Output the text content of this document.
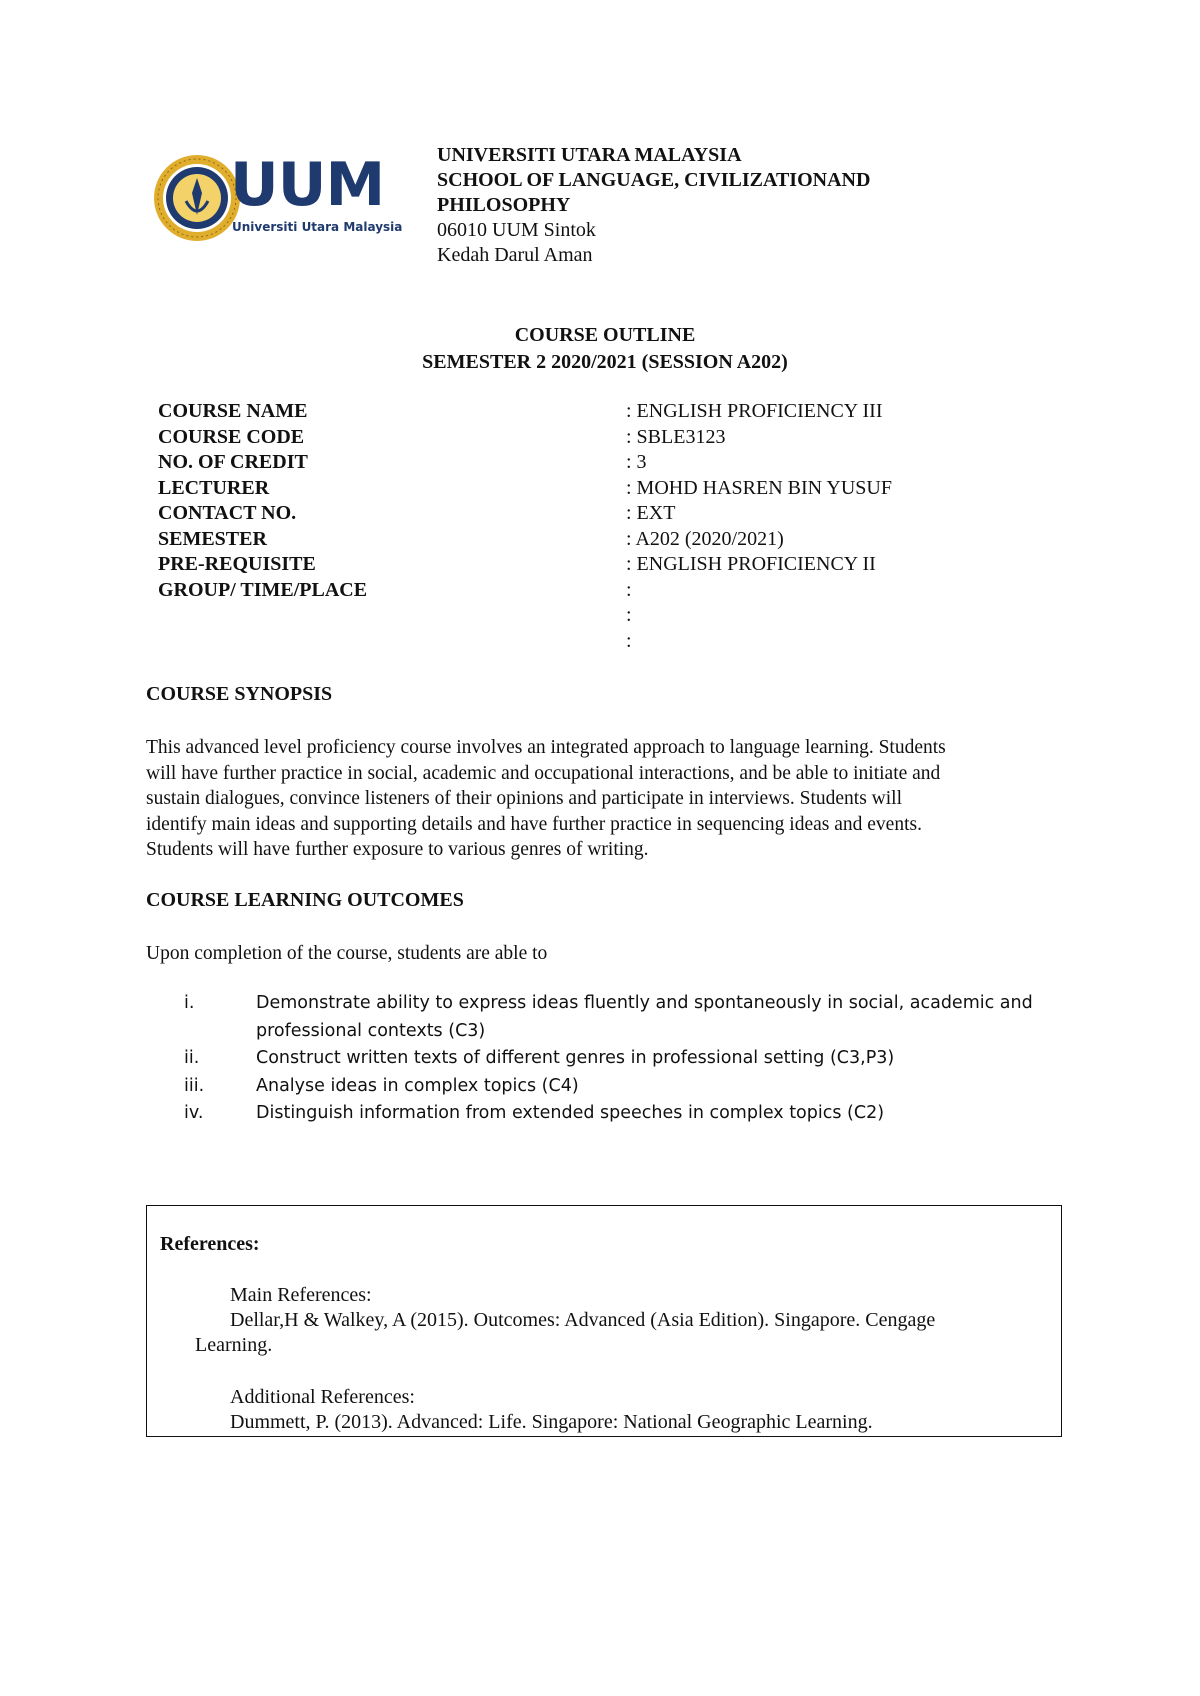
UUM
Universiti Utara Malaysia
UNIVERSITI UTARA MALAYSIA
SCHOOL OF LANGUAGE, CIVILIZATIONAND
PHILOSOPHY
06010 UUM Sintok
Kedah Darul Aman
COURSE OUTLINE
SEMESTER 2 2020/2021 (SESSION A202)
COURSE NAME	: ENGLISH PROFICIENCY III
COURSE CODE	: SBLE3123
NO. OF CREDIT	: 3
LECTURER	: MOHD HASREN BIN YUSUF
CONTACT NO.	: EXT
SEMESTER	: A202 (2020/2021)
PRE-REQUISITE	: ENGLISH PROFICIENCY II
GROUP/ TIME/PLACE	:
:
:
COURSE SYNOPSIS
This advanced level proficiency course involves an integrated approach to language learning. Students
will have further practice in social, academic and occupational interactions, and be able to initiate and
sustain dialogues, convince listeners of their opinions and participate in interviews. Students will
identify main ideas and supporting details and have further practice in sequencing ideas and events.
Students will have further exposure to various genres of writing.
COURSE LEARNING OUTCOMES
Upon completion of the course, students are able to
i.	Demonstrate ability to express ideas fluently and spontaneously in social, academic and
professional contexts (C3)
ii.	Construct written texts of different genres in professional setting (C3,P3)
iii.	Analyse ideas in complex topics (C4)
iv.	Distinguish information from extended speeches in complex topics (C2)
References:
Main References:
Dellar,H & Walkey, A (2015). Outcomes: Advanced (Asia Edition). Singapore. Cengage
Learning.
Additional References:
Dummett, P. (2013). Advanced: Life. Singapore: National Geographic Learning.
